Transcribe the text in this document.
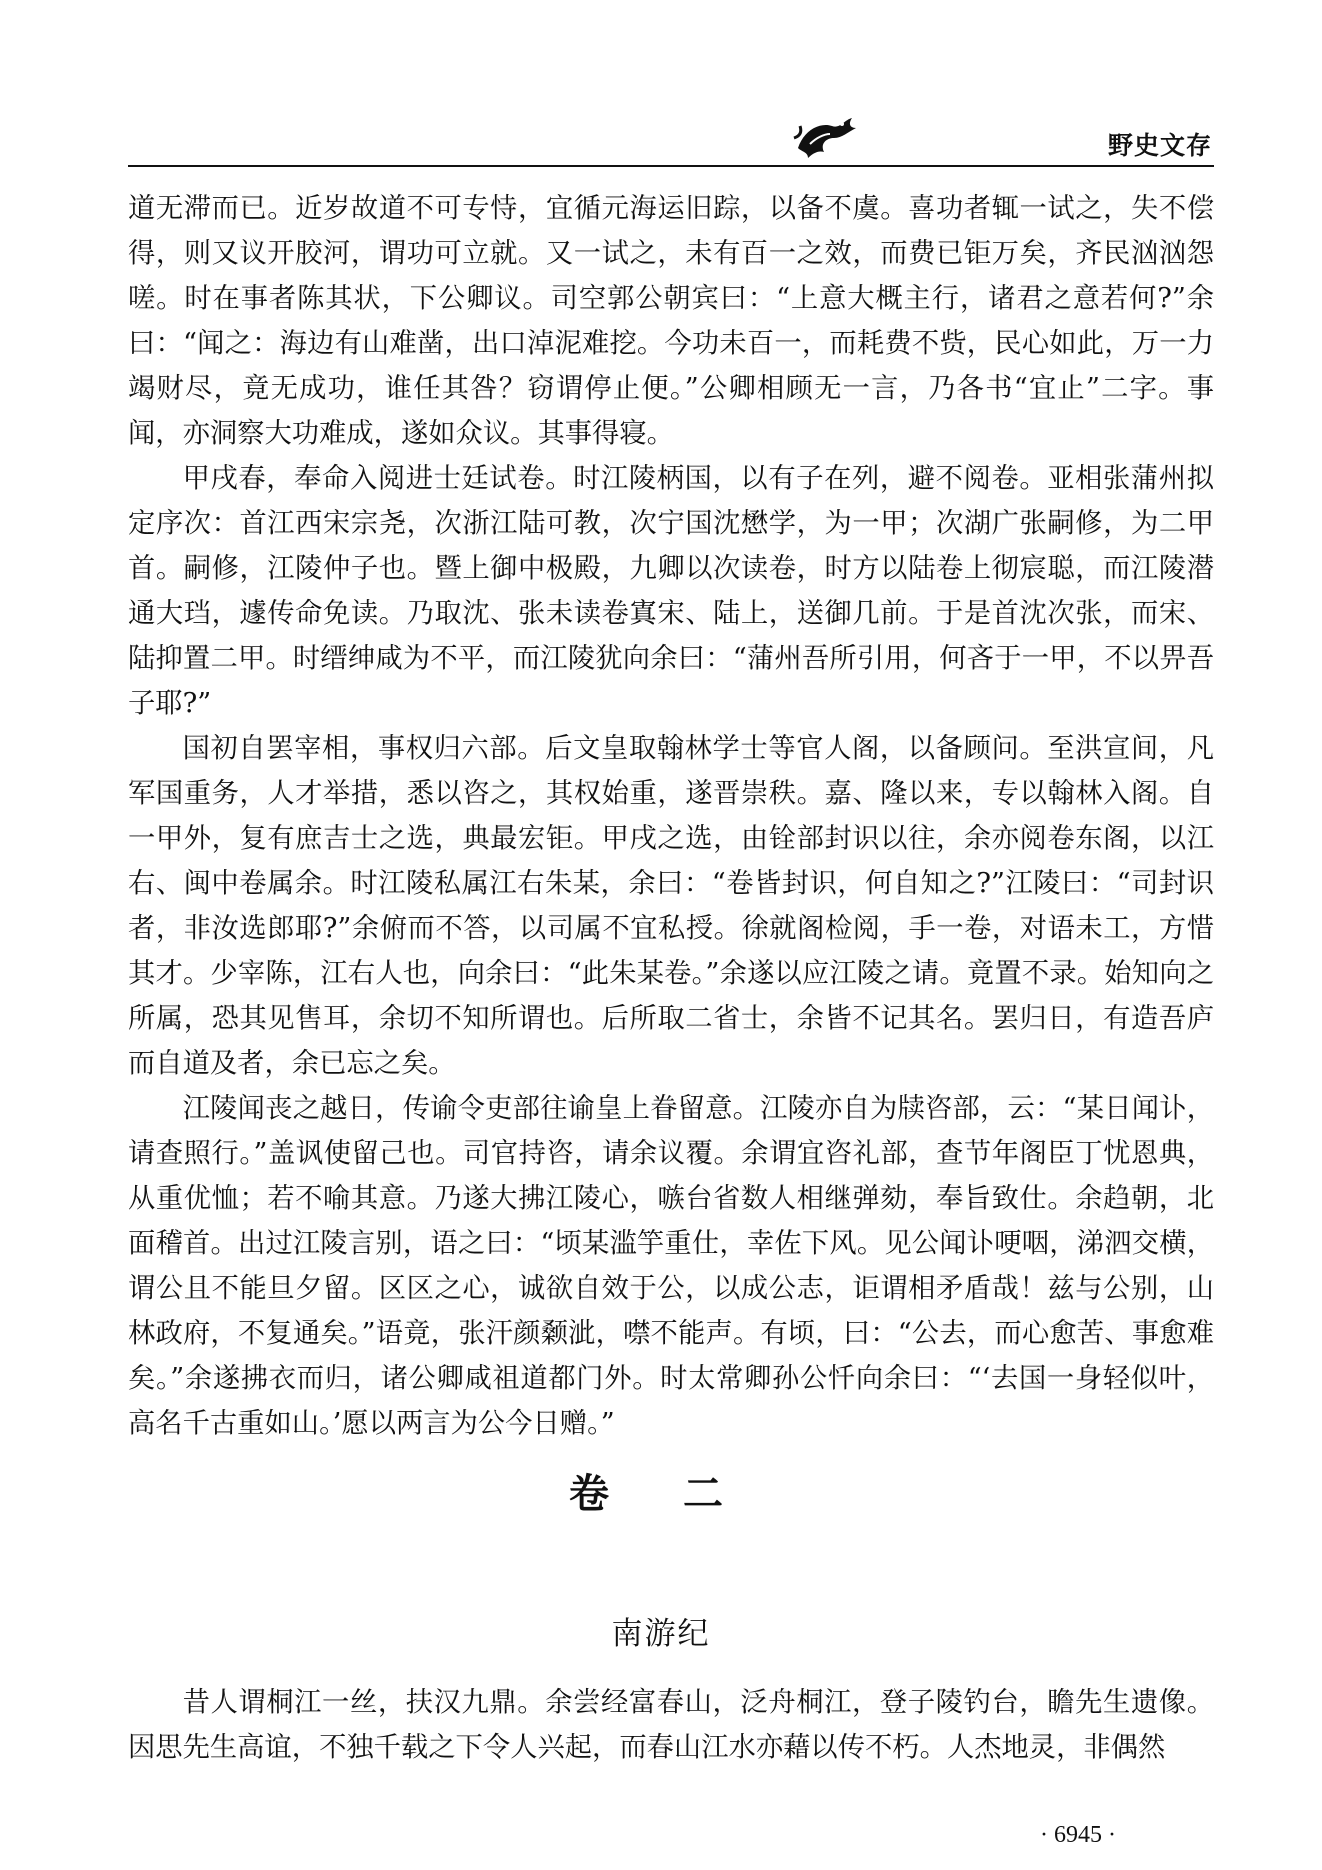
野史文存

道无滞而已。近岁故道不可专恃，宜循元海运旧踪，以备不虞。喜功者辄一试之，失不偿得，则又议开胶河，谓功可立就。又一试之，未有百一之效，而费已钜万矣，齐民汹汹怨嗟。时在事者陈其状，下公卿议。司空郭公朝宾曰：“上意大概主行，诸君之意若何?”余曰：“闻之：海边有山难凿，出口淖泥难挖。今功未百一，而耗费不赀，民心如此，万一力竭财尽，竟无成功，谁任其咎？窃谓停止便。”公卿相顾无一言，乃各书“宜止”二字。事闻，亦洞察大功难成，遂如众议。其事得寝。

甲戌春，奉命入阅进士廷试卷。时江陵柄国，以有子在列，避不阅卷。亚相张蒲州拟定序次：首江西宋宗尧，次浙江陆可教，次宁国沈懋学，为一甲；次湖广张嗣修，为二甲首。嗣修，江陵仲子也。暨上御中极殿，九卿以次读卷，时方以陆卷上彻宸聪，而江陵潜通大珰，遽传命免读。乃取沈、张未读卷寘宋、陆上，送御几前。于是首沈次张，而宋、陆抑置二甲。时缙绅咸为不平，而江陵犹向余曰：“蒲州吾所引用，何吝于一甲，不以畀吾子耶?”

国初自罢宰相，事权归六部。后文皇取翰林学士等官人阁，以备顾问。至洪宣间，凡军国重务，人才举措，悉以咨之，其权始重，遂晋崇秩。嘉、隆以来，专以翰林入阁。自一甲外，复有庶吉士之选，典最宏钜。甲戌之选，由铨部封识以往，余亦阅卷东阁，以江右、闽中卷属余。时江陵私属江右朱某，余曰：“卷皆封识，何自知之?”江陵曰：“司封识者，非汝选郎耶?”余俯而不答，以司属不宜私授。徐就阁检阅，手一卷，对语未工，方惜其才。少宰陈，江右人也，向余曰：“此朱某卷。”余遂以应江陵之请。竟置不录。始知向之所属，恐其见售耳，余切不知所谓也。后所取二省士，余皆不记其名。罢归日，有造吾庐而自道及者，余已忘之矣。

江陵闻丧之越日，传谕令吏部往谕皇上眷留意。江陵亦自为牍咨部，云：“某日闻讣，请查照行。”盖讽使留己也。司官持咨，请余议覆。余谓宜咨礼部，查节年阁臣丁忧恩典，从重优恤；若不喻其意。乃遂大拂江陵心，嗾台省数人相继弹劾，奉旨致仕。余趋朝，北面稽首。出过江陵言别，语之曰：“顷某滥竽重仕，幸佐下风。见公闻讣哽咽，涕泗交横，谓公且不能旦夕留。区区之心，诚欲自效于公，以成公志，讵谓相矛盾哉！兹与公别，山林政府，不复通矣。”语竟，张汗颜颡泚，噤不能声。有顷，曰：“公去，而心愈苦、事愈难矣。”余遂拂衣而归，诸公卿咸祖道都门外。时太常卿孙公忏向余曰：“‘去国一身轻似叶，高名千古重如山。’愿以两言为公今日赠。”

卷 二
南游纪

昔人谓桐江一丝，扶汉九鼎。余尝经富春山，泛舟桐江，登子陵钓台，瞻先生遗像。因思先生高谊，不独千载之下令人兴起，而春山江水亦藉以传不朽。人杰地灵，非偶然

· 6945 ·
